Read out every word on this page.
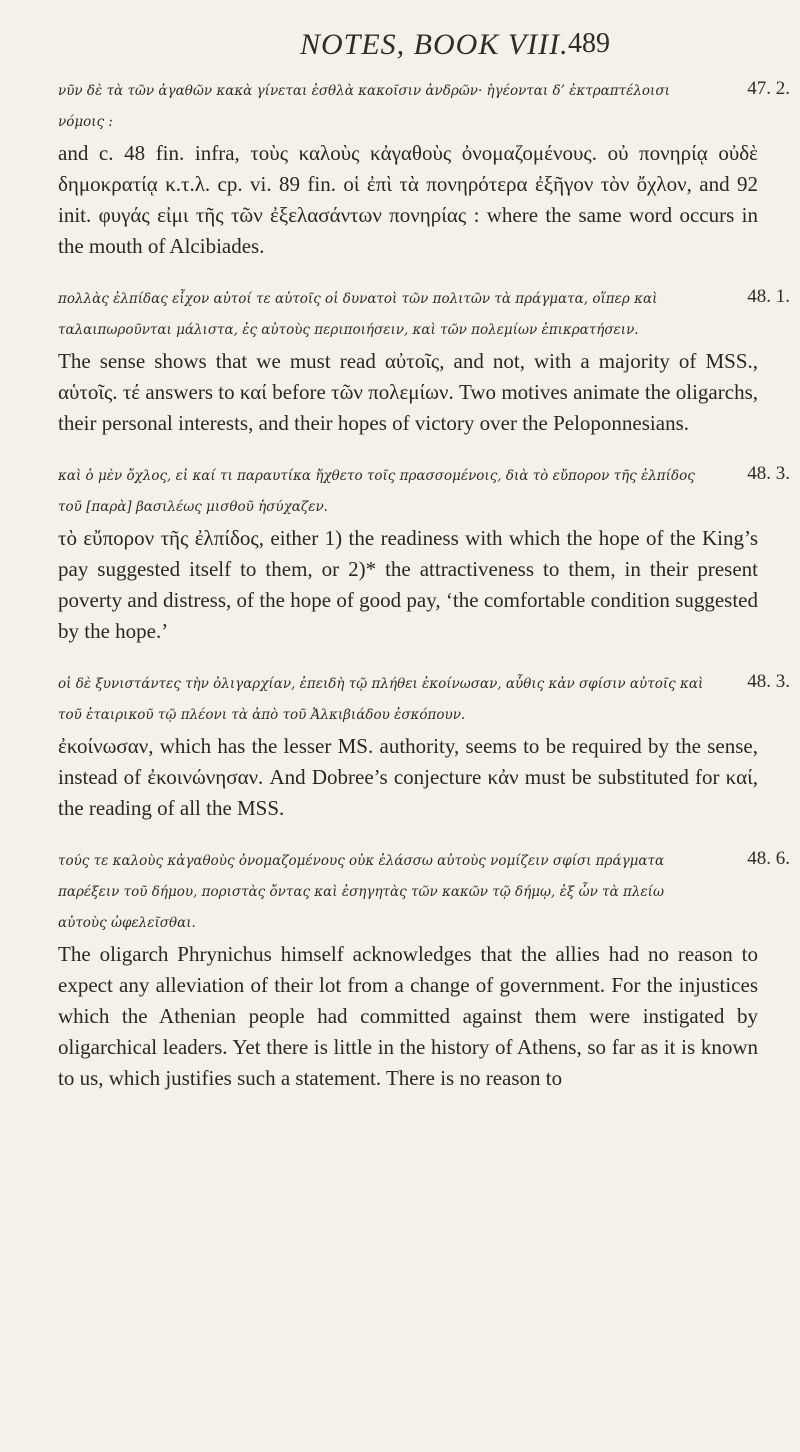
NOTES, BOOK VIII. 489
47. 2.

νῦν δὲ τὰ τῶν ἀγαθῶν κακὰ γίνεται ἐσθλὰ κακοῖσιν ἀνδρῶν· ἡγέονται δ’ ἐκτραπτέλοισι νόμοις :

and c. 48 fin. infra, τοὺς καλοὺς κἀγαθοὺς ὀνομαζομένους. οὐ πονηρίᾳ οὐδὲ δημοκρατίᾳ κ.τ.λ. cp. vi. 89 fin. οἱ ἐπὶ τὰ πονηρότερα ἐξῆγον τὸν ὄχλον, and 92 init. φυγάς εἰμι τῆς τῶν ἐξελασάντων πονηρίας : where the same word occurs in the mouth of Alcibiades.

48. 1.

πολλὰς ἐλπίδας εἶχον αὐτοί τε αὐτοῖς οἱ δυνατοὶ τῶν πολιτῶν τὰ πράγματα, οἵπερ καὶ ταλαιπωροῦνται μάλιστα, ἐς αὐτοὺς περιποιήσειν, καὶ τῶν πολεμίων ἐπικρατήσειν.

The sense shows that we must read αὐτοῖς, and not, with a majority of MSS., αὑτοῖς. τέ answers to καί before τῶν πολεμίων. Two motives animate the oligarchs, their personal interests, and their hopes of victory over the Peloponnesians.

48. 3.

καὶ ὁ μὲν ὄχλος, εἰ καί τι παραυτίκα ἤχθετο τοῖς πρασσομένοις, διὰ τὸ εὔπορον τῆς ἐλπίδος τοῦ [παρὰ] βασιλέως μισθοῦ ἡσύχαζεν.

τὸ εὔπορον τῆς ἐλπίδος, either 1) the readiness with which the hope of the King’s pay suggested itself to them, or 2)* the attractiveness to them, in their present poverty and distress, of the hope of good pay, ‘the comfortable condition suggested by the hope.’

48. 3.

οἱ δὲ ξυνιστάντες τὴν ὀλιγαρχίαν, ἐπειδὴ τῷ πλήθει ἐκοίνωσαν, αὖθις κἀν σφίσιν αὐτοῖς καὶ τοῦ ἑταιρικοῦ τῷ πλέονι τὰ ἀπὸ τοῦ Ἀλκιβιάδου ἐσκόπουν.

ἐκοίνωσαν, which has the lesser MS. authority, seems to be required by the sense, instead of ἐκοινώνησαν. And Dobree’s conjecture κἀν must be substituted for καί, the reading of all the MSS.

48. 6.

τούς τε καλοὺς κἀγαθοὺς ὀνομαζομένους οὐκ ἐλάσσω αὐτοὺς νομίζειν σφίσι πράγματα παρέξειν τοῦ δήμου, ποριστὰς ὄντας καὶ ἐσηγητὰς τῶν κακῶν τῷ δήμῳ, ἐξ ὧν τὰ πλείω αὐτοὺς ὠφελεῖσθαι.

The oligarch Phrynichus himself acknowledges that the allies had no reason to expect any alleviation of their lot from a change of government. For the injustices which the Athenian people had committed against them were instigated by oligarchical leaders. Yet there is little in the history of Athens, so far as it is known to us, which justifies such a statement. There is no reason to
